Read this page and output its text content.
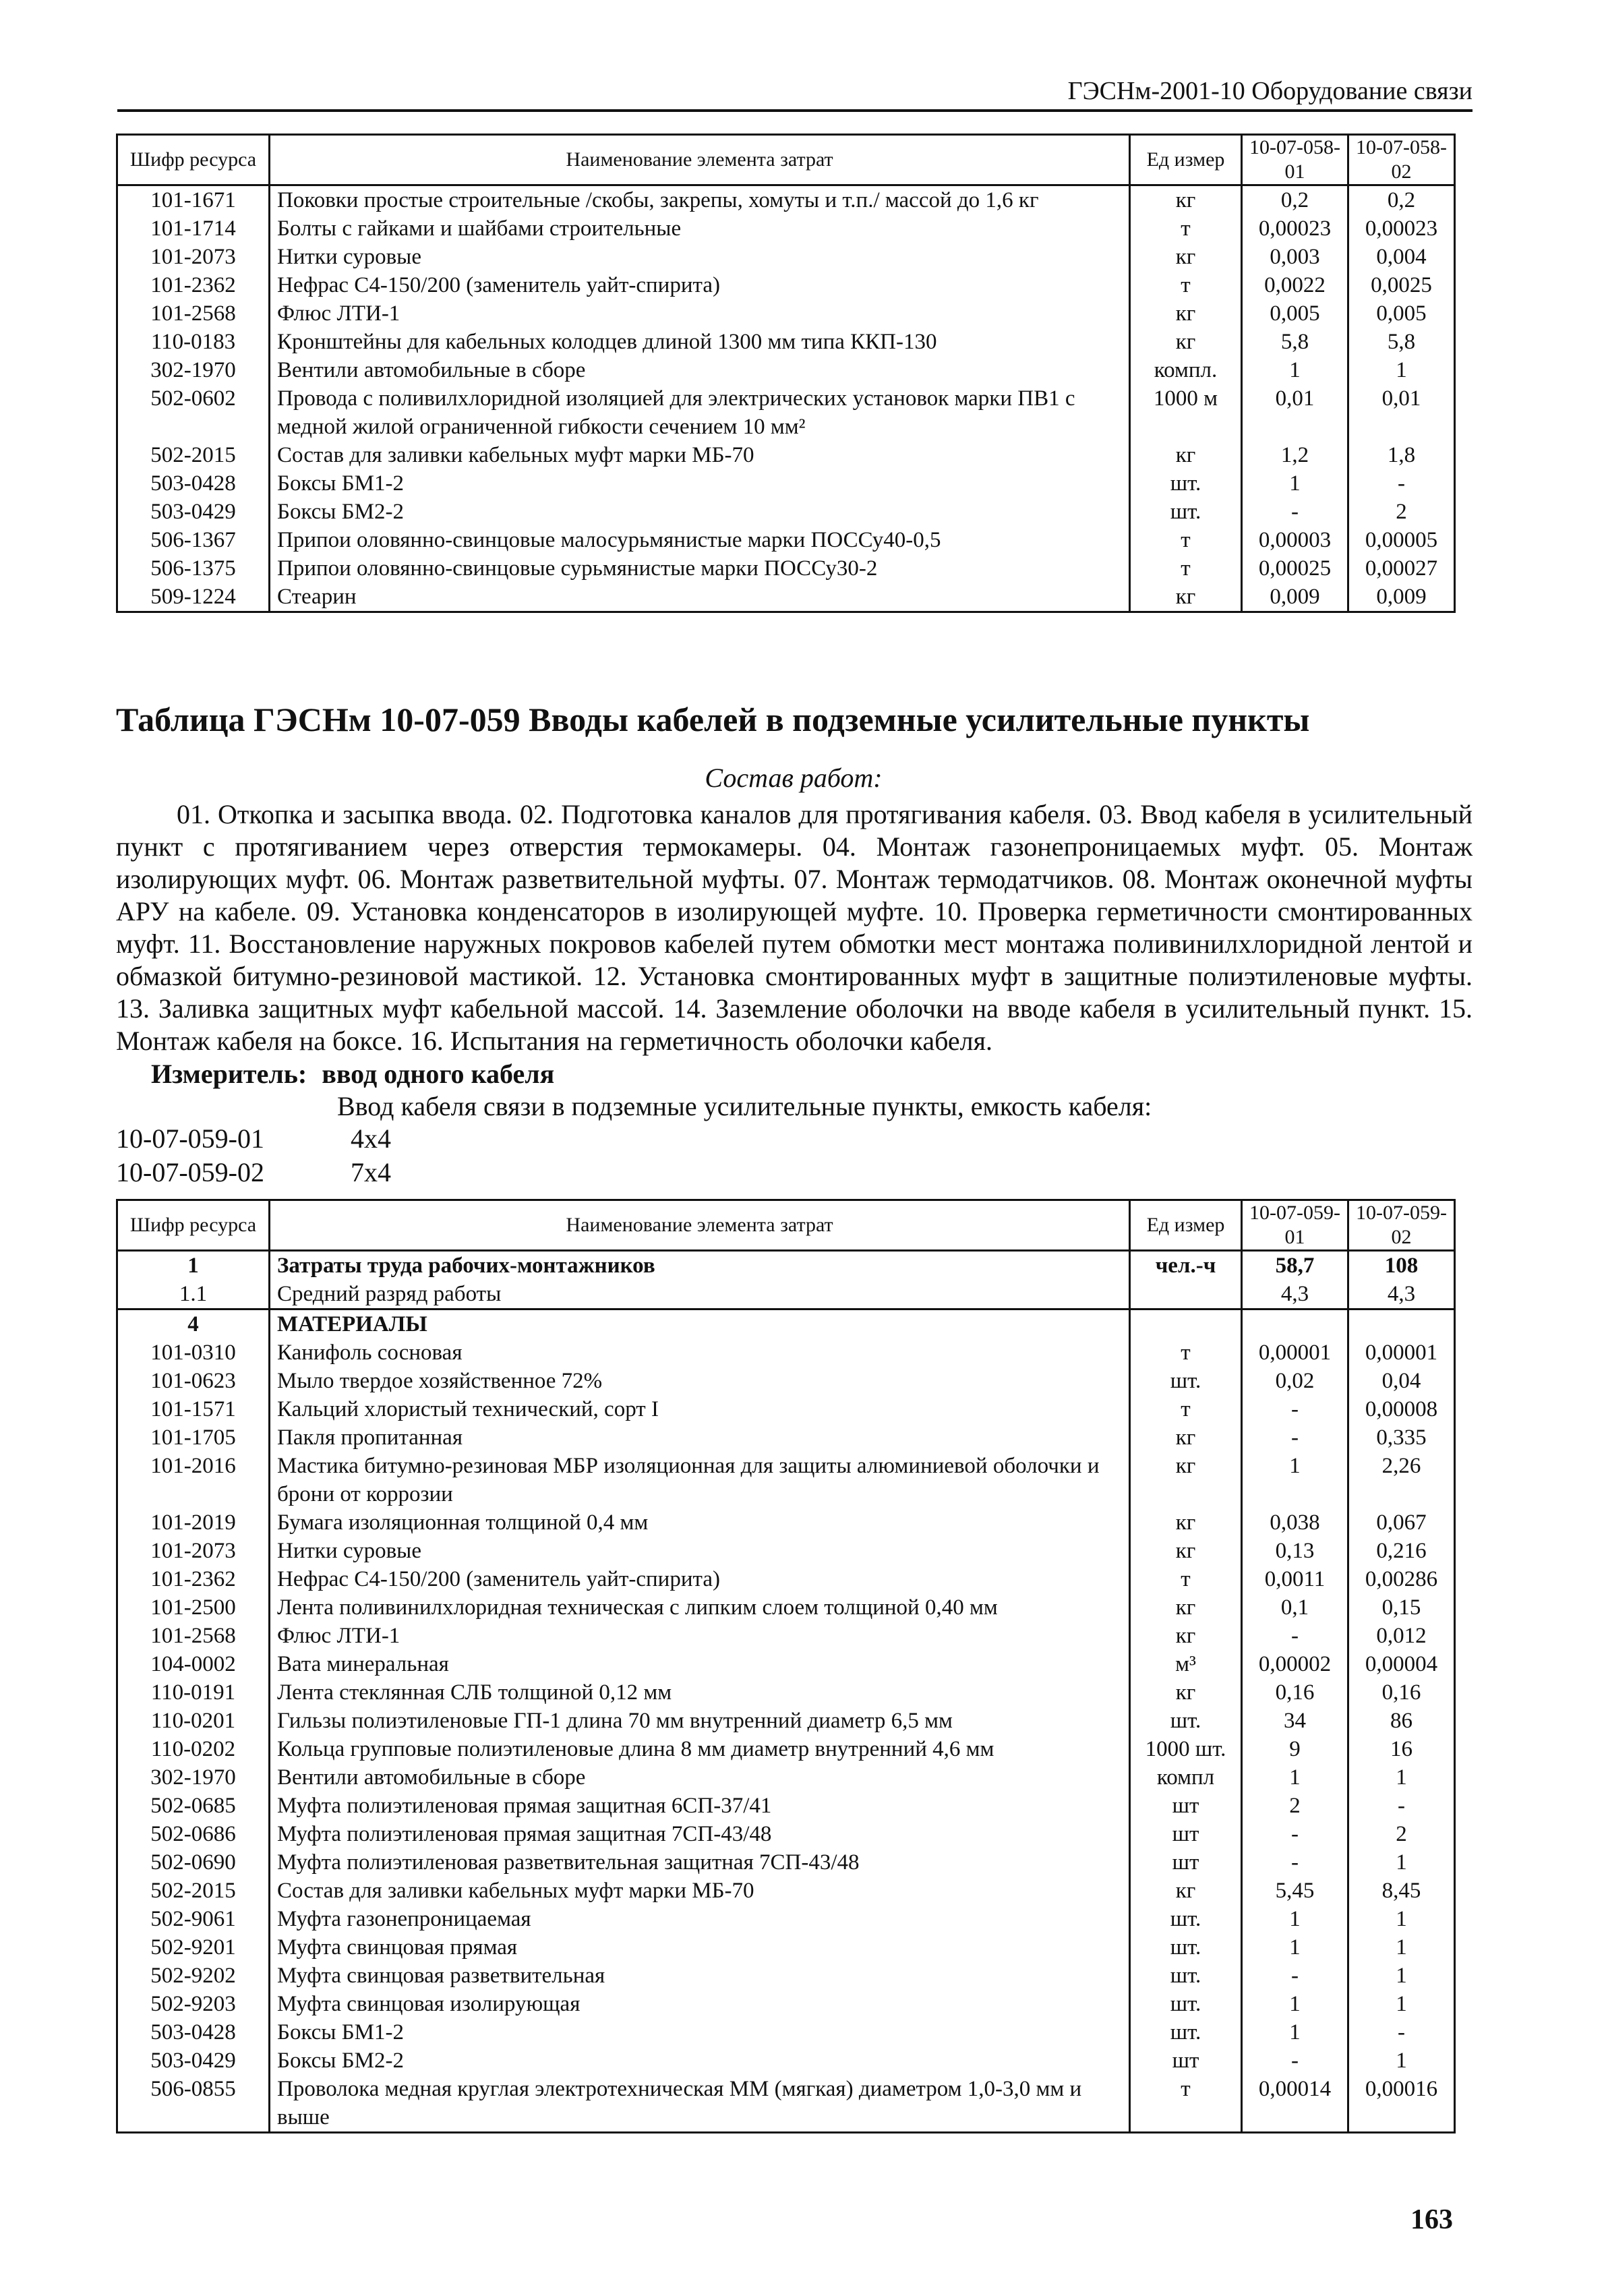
ГЭСНм-2001-10 Оборудование связи
Шифр ресурса	Наименование элемента затрат	Ед измер	10-07-058-01	10-07-058-02
101-1671	Поковки простые строительные /скобы, закрепы, хомуты и т.п./ массой до 1,6 кг	кг	0,2	0,2
101-1714	Болты с гайками и шайбами строительные	т	0,00023	0,00023
101-2073	Нитки суровые	кг	0,003	0,004
101-2362	Нефрас С4-150/200 (заменитель уайт-спирита)	т	0,0022	0,0025
101-2568	Флюс ЛТИ-1	кг	0,005	0,005
110-0183	Кронштейны для кабельных колодцев длиной 1300 мм типа ККП-130	кг	5,8	5,8
302-1970	Вентили автомобильные в сборе	компл.	1	1
502-0602	Провода с поливилхлоридной изоляцией для электрических установок марки ПВ1 с медной жилой ограниченной гибкости сечением 10 мм²	1000 м	0,01	0,01
502-2015	Состав для заливки кабельных муфт марки МБ-70	кг	1,2	1,8
503-0428	Боксы БМ1-2	шт.	1	-
503-0429	Боксы БМ2-2	шт.	-	2
506-1367	Припои оловянно-свинцовые малосурьмянистые марки ПОССу40-0,5	т	0,00003	0,00005
506-1375	Припои оловянно-свинцовые сурьмянистые марки ПОССу30-2	т	0,00025	0,00027
509-1224	Стеарин	кг	0,009	0,009
Таблица ГЭСНм 10-07-059 Вводы кабелей в подземные усилительные пункты
Состав работ:

01. Откопка и засыпка ввода. 02. Подготовка каналов для протягивания кабеля. 03. Ввод кабеля в усилительный пункт с протягиванием через отверстия термокамеры. 04. Монтаж газонепроницаемых муфт. 05. Монтаж изолирующих муфт. 06. Монтаж разветвительной муфты. 07. Монтаж термодатчиков. 08. Монтаж оконечной муфты АРУ на кабеле. 09. Установка конденсаторов в изолирующей муфте. 10. Проверка герметичности смонтированных муфт. 11. Восстановление наружных покровов кабелей путем обмотки мест монтажа поливинилхлоридной лентой и обмазкой битумно-резиновой мастикой. 12. Установка смонтированных муфт в защитные полиэтиленовые муфты. 13. Заливка защитных муфт кабельной массой. 14. Заземление оболочки на вводе кабеля в усилительный пункт. 15. Монтаж кабеля на боксе. 16. Испытания на герметичность оболочки кабеля.

Измеритель: ввод одного кабеля
Ввод кабеля связи в подземные усилительные пункты, емкость кабеля:
10-07-059-01	4x4
10-07-059-02	7x4
Шифр ресурса	Наименование элемента затрат	Ед измер	10-07-059-01	10-07-059-02
1	Затраты труда рабочих-монтажников	чел.-ч	58,7	108
1.1	Средний разряд работы		4,3	4,3
4	МАТЕРИАЛЫ			
101-0310	Канифоль сосновая	т	0,00001	0,00001
101-0623	Мыло твердое хозяйственное 72%	шт.	0,02	0,04
101-1571	Кальций хлористый технический, сорт I	т	-	0,00008
101-1705	Пакля пропитанная	кг	-	0,335
101-2016	Мастика битумно-резиновая МБР изоляционная для защиты алюминиевой оболочки и брони от коррозии	кг	1	2,26
101-2019	Бумага изоляционная толщиной 0,4 мм	кг	0,038	0,067
101-2073	Нитки суровые	кг	0,13	0,216
101-2362	Нефрас С4-150/200 (заменитель уайт-спирита)	т	0,0011	0,00286
101-2500	Лента поливинилхлоридная техническая с липким слоем толщиной 0,40 мм	кг	0,1	0,15
101-2568	Флюс ЛТИ-1	кг	-	0,012
104-0002	Вата минеральная	м³	0,00002	0,00004
110-0191	Лента стеклянная СЛБ толщиной 0,12 мм	кг	0,16	0,16
110-0201	Гильзы полиэтиленовые ГП-1 длина 70 мм внутренний диаметр 6,5 мм	шт.	34	86
110-0202	Кольца групповые полиэтиленовые длина 8 мм диаметр внутренний 4,6 мм	1000 шт.	9	16
302-1970	Вентили автомобильные в сборе	компл	1	1
502-0685	Муфта полиэтиленовая прямая защитная 6СП-37/41	шт	2	-
502-0686	Муфта полиэтиленовая прямая защитная 7СП-43/48	шт	-	2
502-0690	Муфта полиэтиленовая разветвительная защитная 7СП-43/48	шт	-	1
502-2015	Состав для заливки кабельных муфт марки МБ-70	кг	5,45	8,45
502-9061	Муфта газонепроницаемая	шт.	1	1
502-9201	Муфта свинцовая прямая	шт.	1	1
502-9202	Муфта свинцовая разветвительная	шт.	-	1
502-9203	Муфта свинцовая изолирующая	шт.	1	1
503-0428	Боксы БМ1-2	шт.	1	-
503-0429	Боксы БМ2-2	шт	-	1
506-0855	Проволока медная круглая электротехническая ММ (мягкая) диаметром 1,0-3,0 мм и выше	т	0,00014	0,00016
163
